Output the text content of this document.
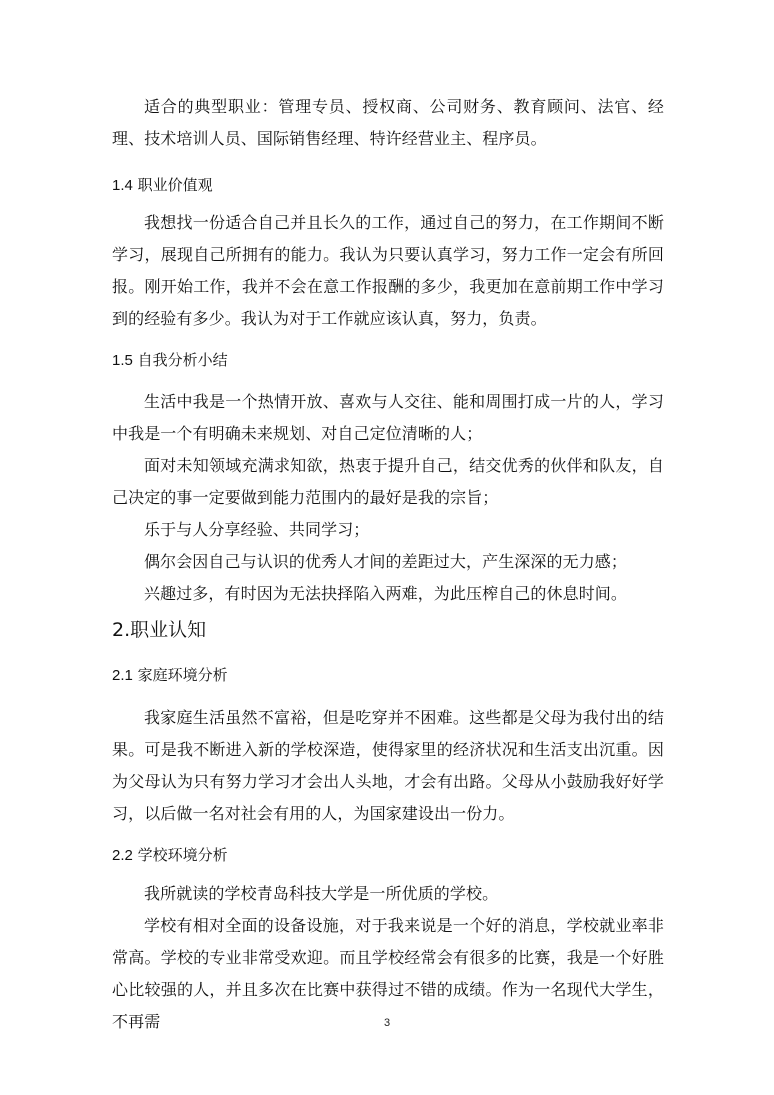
适合的典型职业：管理专员、授权商、公司财务、教育顾问、法官、经理、技术培训人员、国际销售经理、特许经营业主、程序员。

1.4 职业价值观

我想找一份适合自己并且长久的工作，通过自己的努力，在工作期间不断学习，展现自己所拥有的能力。我认为只要认真学习，努力工作一定会有所回报。刚开始工作，我并不会在意工作报酬的多少，我更加在意前期工作中学习到的经验有多少。我认为对于工作就应该认真，努力，负责。

1.5 自我分析小结

生活中我是一个热情开放、喜欢与人交往、能和周围打成一片的人，学习中我是一个有明确未来规划、对自己定位清晰的人；

面对未知领域充满求知欲，热衷于提升自己，结交优秀的伙伴和队友，自己决定的事一定要做到能力范围内的最好是我的宗旨；

乐于与人分享经验、共同学习；

偶尔会因自己与认识的优秀人才间的差距过大，产生深深的无力感；

兴趣过多，有时因为无法抉择陷入两难，为此压榨自己的休息时间。

2.职业认知
2.1 家庭环境分析

我家庭生活虽然不富裕，但是吃穿并不困难。这些都是父母为我付出的结果。可是我不断进入新的学校深造，使得家里的经济状况和生活支出沉重。因为父母认为只有努力学习才会出人头地，才会有出路。父母从小鼓励我好好学习，以后做一名对社会有用的人，为国家建设出一份力。

2.2 学校环境分析

我所就读的学校青岛科技大学是一所优质的学校。

学校有相对全面的设备设施，对于我来说是一个好的消息，学校就业率非常高。学校的专业非常受欢迎。而且学校经常会有很多的比赛，我是一个好胜心比较强的人，并且多次在比赛中获得过不错的成绩。作为一名现代大学生，不再需	3
